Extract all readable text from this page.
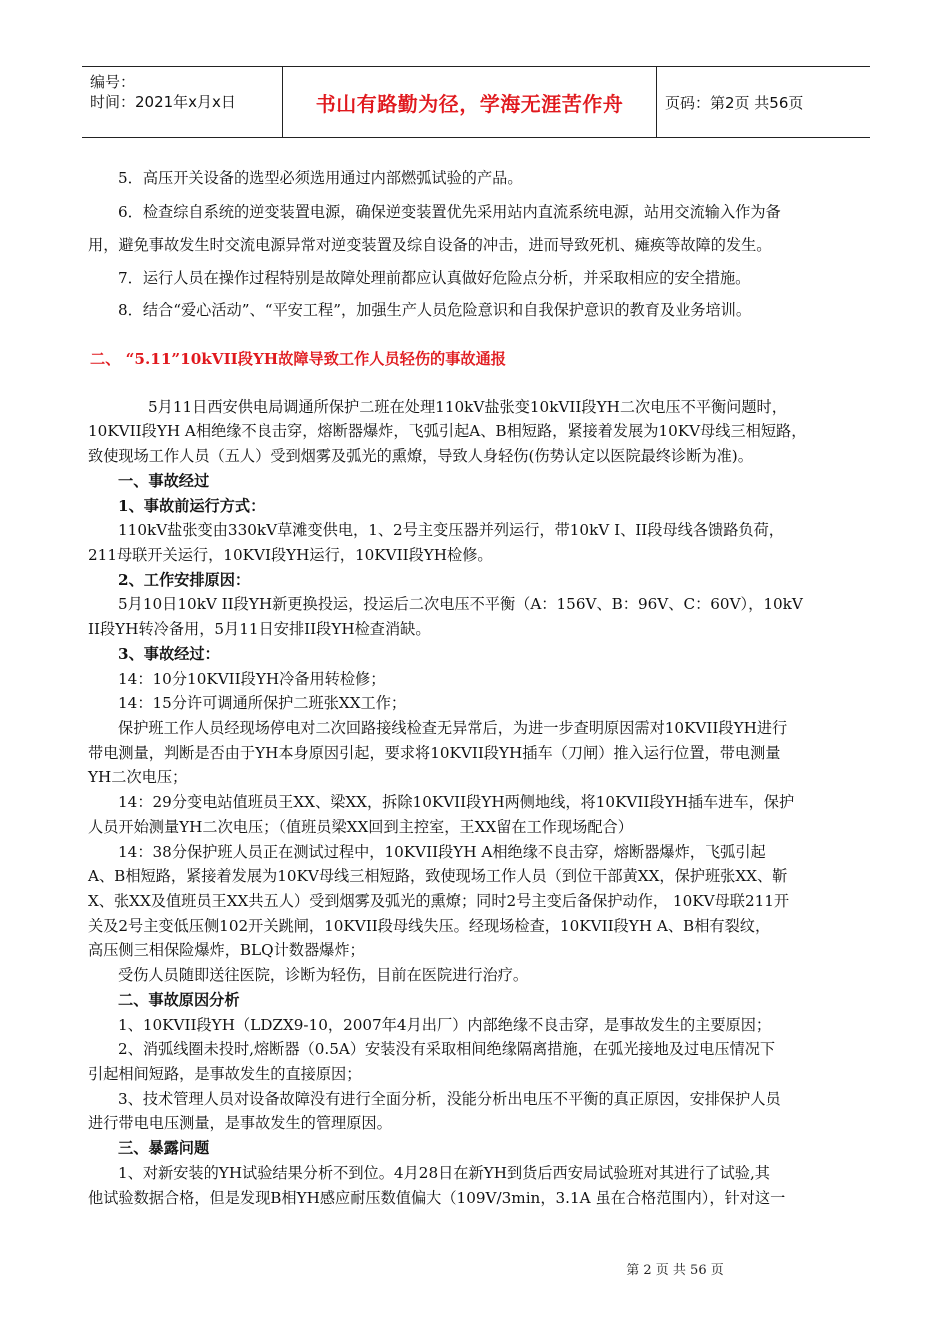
编号：
时间：2021年x月x日	书山有路勤为径，学海无涯苦作舟	页码：第2页 共56页
5．高压开关设备的选型必须选用通过内部燃弧试验的产品。
6．检查综自系统的逆变装置电源，确保逆变装置优先采用站内直流系统电源，站用交流输入作为备
用，避免事故发生时交流电源异常对逆变装置及综自设备的冲击，进而导致死机、瘫痪等故障的发生。
7．运行人员在操作过程特别是故障处理前都应认真做好危险点分析，并采取相应的安全措施。
8．结合“爱心活动”、“平安工程”，加强生产人员危险意识和自我保护意识的教育及业务培训。
二、 “5.11”10kVII段YH故障导致工作人员轻伤的事故通报
5月11日西安供电局调通所保护二班在处理110kV盐张变10kVII段YH二次电压不平衡问题时，
10KVII段YH A相绝缘不良击穿，熔断器爆炸，飞弧引起A、B相短路，紧接着发展为10KV母线三相短路，
致使现场工作人员（五人）受到烟雾及弧光的熏燎，导致人身轻伤(伤势认定以医院最终诊断为准)。
一、事故经过
1、事故前运行方式：
110kV盐张变由330kV草滩变供电，1、2号主变压器并列运行，带10kV I、II段母线各馈路负荷，
211母联开关运行，10KVI段YH运行，10KVII段YH检修。
2、工作安排原因：
5月10日10kV II段YH新更换投运，投运后二次电压不平衡（A：156V、B：96V、C：60V），10kV
II段YH转冷备用，5月11日安排II段YH检查消缺。
3、事故经过：
14：10分10KVII段YH冷备用转检修；
14：15分许可调通所保护二班张XX工作；
保护班工作人员经现场停电对二次回路接线检查无异常后，为进一步查明原因需对10KVII段YH进行
带电测量，判断是否由于YH本身原因引起，要求将10KVII段YH插车（刀闸）推入运行位置，带电测量
YH二次电压；
14：29分变电站值班员王XX、梁XX，拆除10KVII段YH两侧地线，将10KVII段YH插车进车，保护
人员开始测量YH二次电压；（值班员梁XX回到主控室，王XX留在工作现场配合）
14：38分保护班人员正在测试过程中，10KVII段YH A相绝缘不良击穿，熔断器爆炸，飞弧引起
A、B相短路，紧接着发展为10KV母线三相短路，致使现场工作人员（到位干部黄XX，保护班张XX、靳
X、张XX及值班员王XX共五人）受到烟雾及弧光的熏燎；同时2号主变后备保护动作， 10KV母联211开
关及2号主变低压侧102开关跳闸，10KVII段母线失压。经现场检查，10KVII段YH A、B相有裂纹，
高压侧三相保险爆炸，BLQ计数器爆炸；
受伤人员随即送往医院，诊断为轻伤，目前在医院进行治疗。
二、事故原因分析
1、10KVII段YH（LDZX9-10，2007年4月出厂）内部绝缘不良击穿，是事故发生的主要原因；
2、消弧线圈未投时,熔断器（0.5A）安装没有采取相间绝缘隔离措施，在弧光接地及过电压情况下
引起相间短路，是事故发生的直接原因；
3、技术管理人员对设备故障没有进行全面分析，没能分析出电压不平衡的真正原因，安排保护人员
进行带电电压测量，是事故发生的管理原因。
三、暴露问题
1、对新安装的YH试验结果分析不到位。4月28日在新YH到货后西安局试验班对其进行了试验,其
他试验数据合格，但是发现B相YH感应耐压数值偏大（109V/3min，3.1A 虽在合格范围内），针对这一
第 2 页 共 56 页
